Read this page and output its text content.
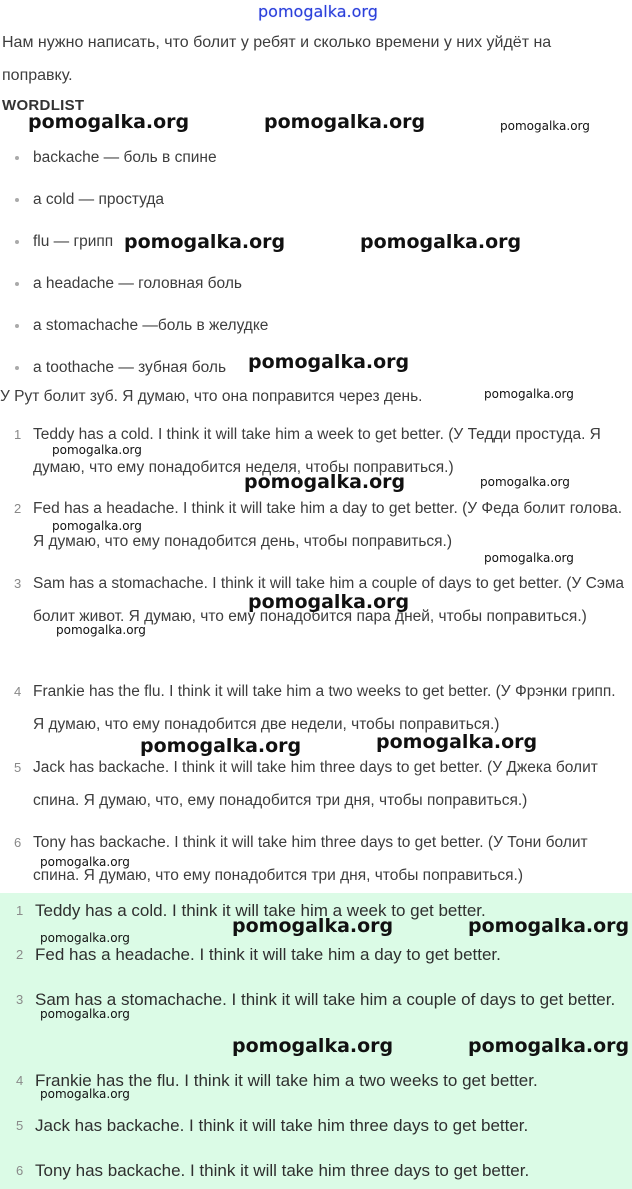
pomogalka.org
Нам нужно написать, что болит у ребят и сколько времени у них уйдёт на поправку.
WORDLIST
backache — боль в спине
a cold — простуда
flu — грипп
a headache — головная боль
a stomachache —боль в желудке
a toothache — зубная боль
У Рут болит зуб. Я думаю, что она поправится через день.
1 Teddy has a cold. I think it will take him a week to get better. (У Тедди простуда. Я думаю, что ему понадобится неделя, чтобы поправиться.)
2 Fed has a headache. I think it will take him a day to get better. (У Феда болит голова. Я думаю, что ему понадобится день, чтобы поправиться.)
3 Sam has a stomachache. I think it will take him a couple of days to get better. (У Сэма болит живот. Я думаю, что ему понадобится пара дней, чтобы поправиться.)
4 Frankie has the flu. I think it will take him a two weeks to get better. (У Фрэнки грипп. Я думаю, что ему понадобится две недели, чтобы поправиться.)
5 Jack has backache. I think it will take him three days to get better. (У Джека болит спина. Я думаю, что, ему понадобится три дня, чтобы поправиться.)
6 Tony has backache. I think it will take him three days to get better. (У Тони болит спина. Я думаю, что ему понадобится три дня, чтобы поправиться.)
1 Teddy has a cold. I think it will take him a week to get better.
2 Fed has a headache. I think it will take him a day to get better.
3 Sam has a stomachache. I think it will take him a couple of days to get better.
4 Frankie has the flu. I think it will take him a two weeks to get better.
5 Jack has backache. I think it will take him three days to get better.
6 Tony has backache. I think it will take him three days to get better.
pomogalka.org	pomogalka.org	pomogalka.org
pomogalka.org	pomogalka.org
pomogalka.org
pomogalka.org
pomogalka.org
pomogalka.org	pomogalka.org
pomogalka.org
pomogalka.org
pomogalka.org
pomogalka.org
pomogalka.org	pomogalka.org
pomogalka.org
pomogalka.org	pomogalka.org
pomogalka.org
pomogalka.org
pomogalka.org	pomogalka.org
pomogalka.org
